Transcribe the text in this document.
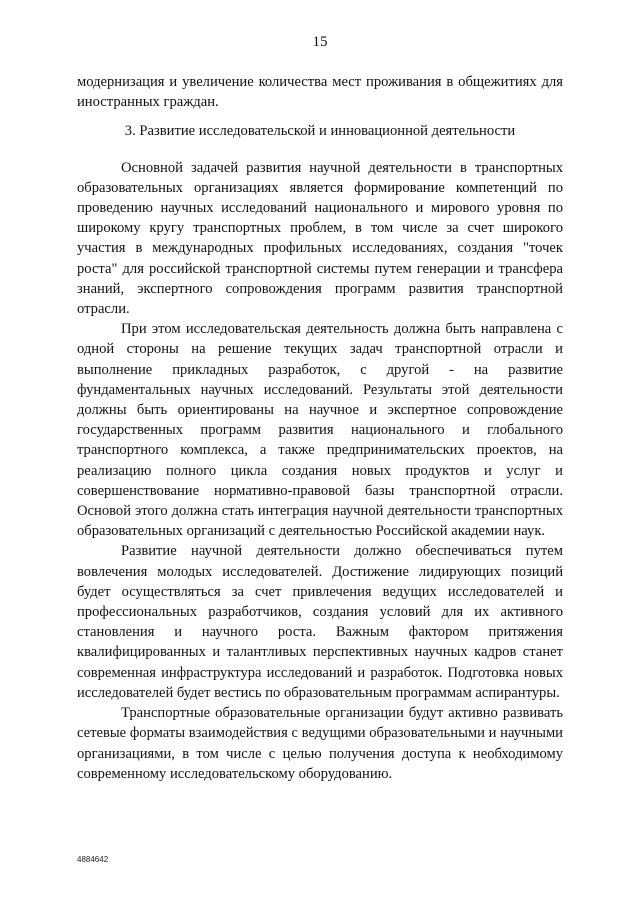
15

модернизация и увеличение количества мест проживания в общежитиях для иностранных граждан.

3. Развитие исследовательской и инновационной деятельности

Основной задачей развития научной деятельности в транспортных образовательных организациях является формирование компетенций по проведению научных исследований национального и мирового уровня по широкому кругу транспортных проблем, в том числе за счет широкого участия в международных профильных исследованиях, создания "точек роста" для российской транспортной системы путем генерации и трансфера знаний, экспертного сопровождения программ развития транспортной отрасли.

При этом исследовательская деятельность должна быть направлена с одной стороны на решение текущих задач транспортной отрасли и выполнение прикладных разработок, с другой - на развитие фундаментальных научных исследований. Результаты этой деятельности должны быть ориентированы на научное и экспертное сопровождение государственных программ развития национального и глобального транспортного комплекса, а также предпринимательских проектов, на реализацию полного цикла создания новых продуктов и услуг и совершенствование нормативно-правовой базы транспортной отрасли. Основой этого должна стать интеграция научной деятельности транспортных образовательных организаций с деятельностью Российской академии наук.

Развитие научной деятельности должно обеспечиваться путем вовлечения молодых исследователей. Достижение лидирующих позиций будет осуществляться за счет привлечения ведущих исследователей и профессиональных разработчиков, создания условий для их активного становления и научного роста. Важным фактором притяжения квалифицированных и талантливых перспективных научных кадров станет современная инфраструктура исследований и разработок. Подготовка новых исследователей будет вестись по образовательным программам аспирантуры.

Транспортные образовательные организации будут активно развивать сетевые форматы взаимодействия с ведущими образовательными и научными организациями, в том числе с целью получения доступа к необходимому современному исследовательскому оборудованию.

4884642
